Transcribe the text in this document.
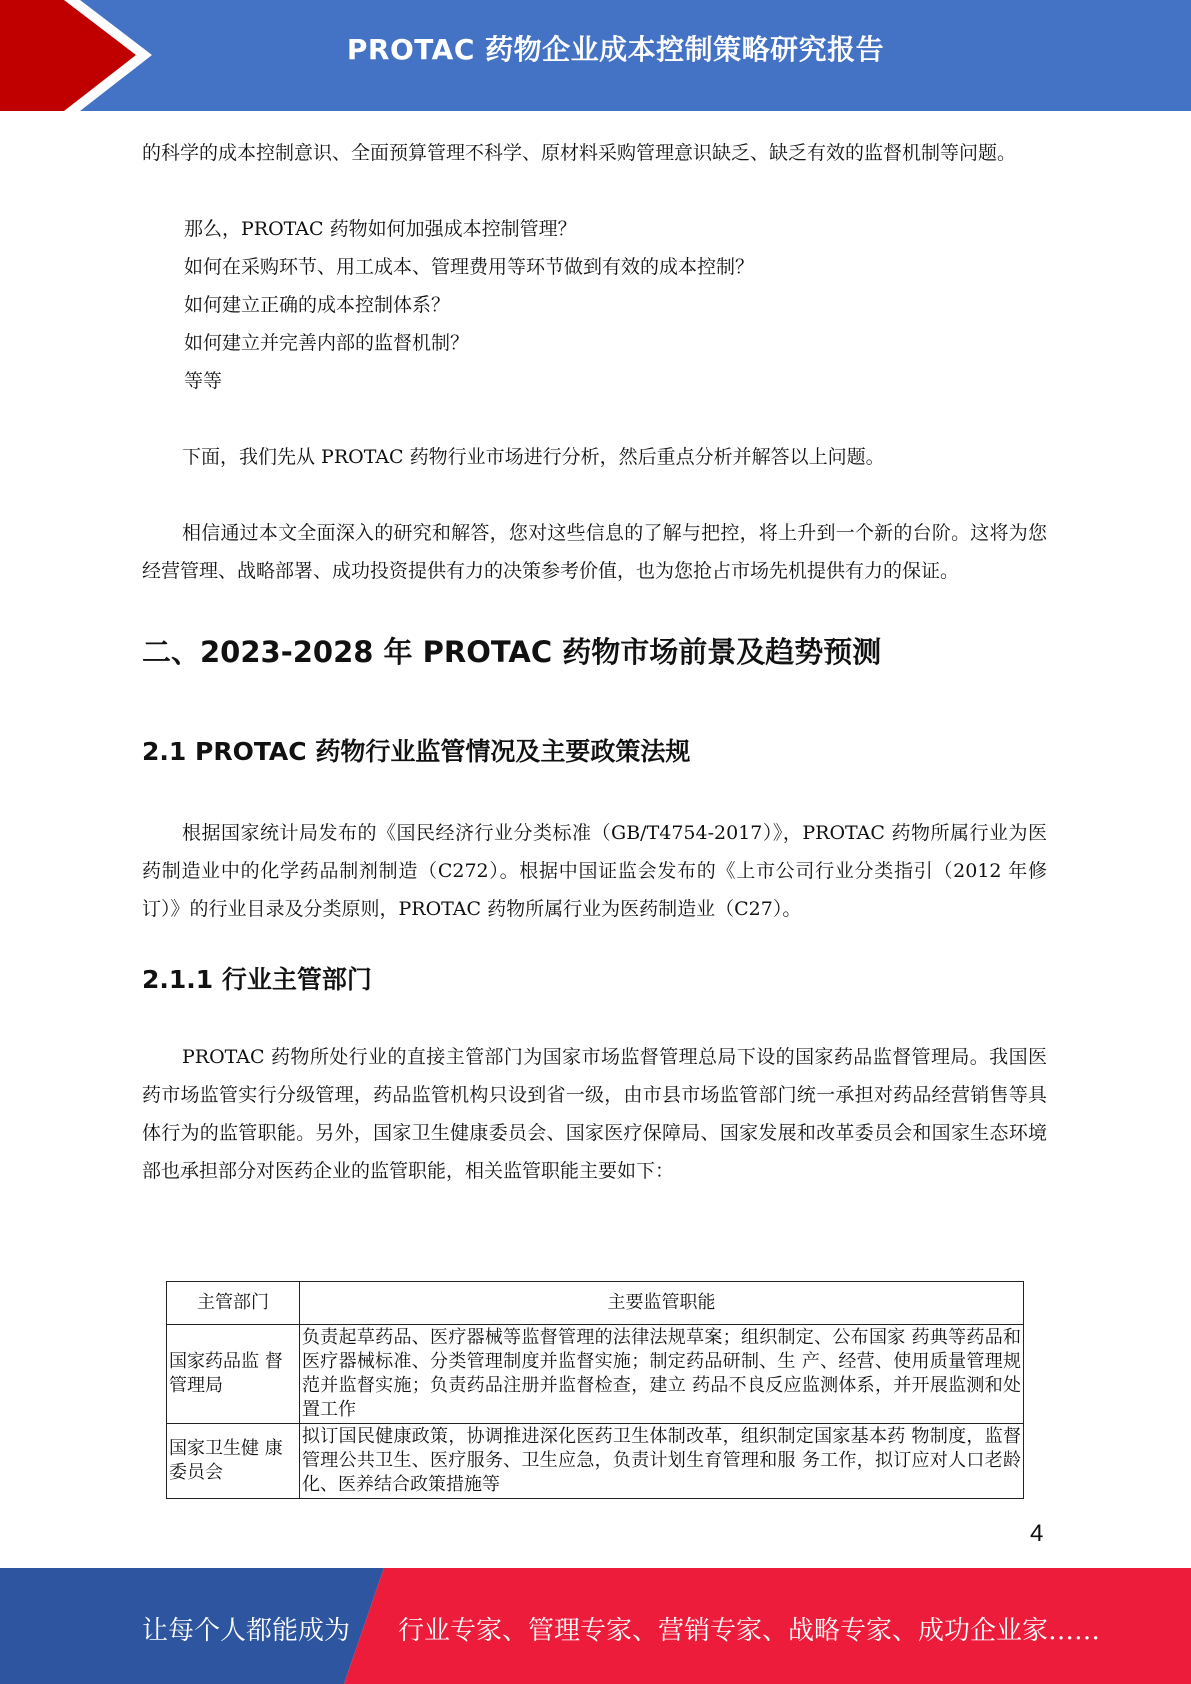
PROTAC 药物企业成本控制策略研究报告

的科学的成本控制意识、全面预算管理不科学、原材料采购管理意识缺乏、缺乏有效的监督机制等问题。

那么，PROTAC 药物如何加强成本控制管理？

如何在采购环节、用工成本、管理费用等环节做到有效的成本控制？

如何建立正确的成本控制体系？

如何建立并完善内部的监督机制？

等等

下面，我们先从 PROTAC 药物行业市场进行分析，然后重点分析并解答以上问题。

相信通过本文全面深入的研究和解答，您对这些信息的了解与把控，将上升到一个新的台阶。这将为您经营管理、战略部署、成功投资提供有力的决策参考价值，也为您抢占市场先机提供有力的保证。

二、2023-2028 年 PROTAC 药物市场前景及趋势预测
2.1 PROTAC 药物行业监管情况及主要政策法规

根据国家统计局发布的《国民经济行业分类标准（GB/T4754-2017）》，PROTAC 药物所属行业为医药制造业中的化学药品制剂制造（C272）。根据中国证监会发布的《上市公司行业分类指引（2012 年修订）》的行业目录及分类原则，PROTAC 药物所属行业为医药制造业（C27）。

2.1.1 行业主管部门

PROTAC 药物所处行业的直接主管部门为国家市场监督管理总局下设的国家药品监督管理局。我国医药市场监管实行分级管理，药品监管机构只设到省一级，由市县市场监管部门统一承担对药品经营销售等具体行为的监管职能。另外，国家卫生健康委员会、国家医疗保障局、国家发展和改革委员会和国家生态环境部也承担部分对医药企业的监管职能，相关监管职能主要如下：

主管部门	主要监管职能
国家药品监 督管理局	负责起草药品、医疗器械等监督管理的法律法规草案；组织制定、公布国家 药典等药品和医疗器械标准、分类管理制度并监督实施；制定药品研制、生 产、经营、使用质量管理规范并监督实施；负责药品注册并监督检查，建立 药品不良反应监测体系，并开展监测和处置工作
国家卫生健 康委员会	拟订国民健康政策，协调推进深化医药卫生体制改革，组织制定国家基本药 物制度，监督管理公共卫生、医疗服务、卫生应急，负责计划生育管理和服 务工作，拟订应对人口老龄化、医养结合政策措施等
4
让每个人都能成为 行业专家、管理专家、营销专家、战略专家、成功企业家……
